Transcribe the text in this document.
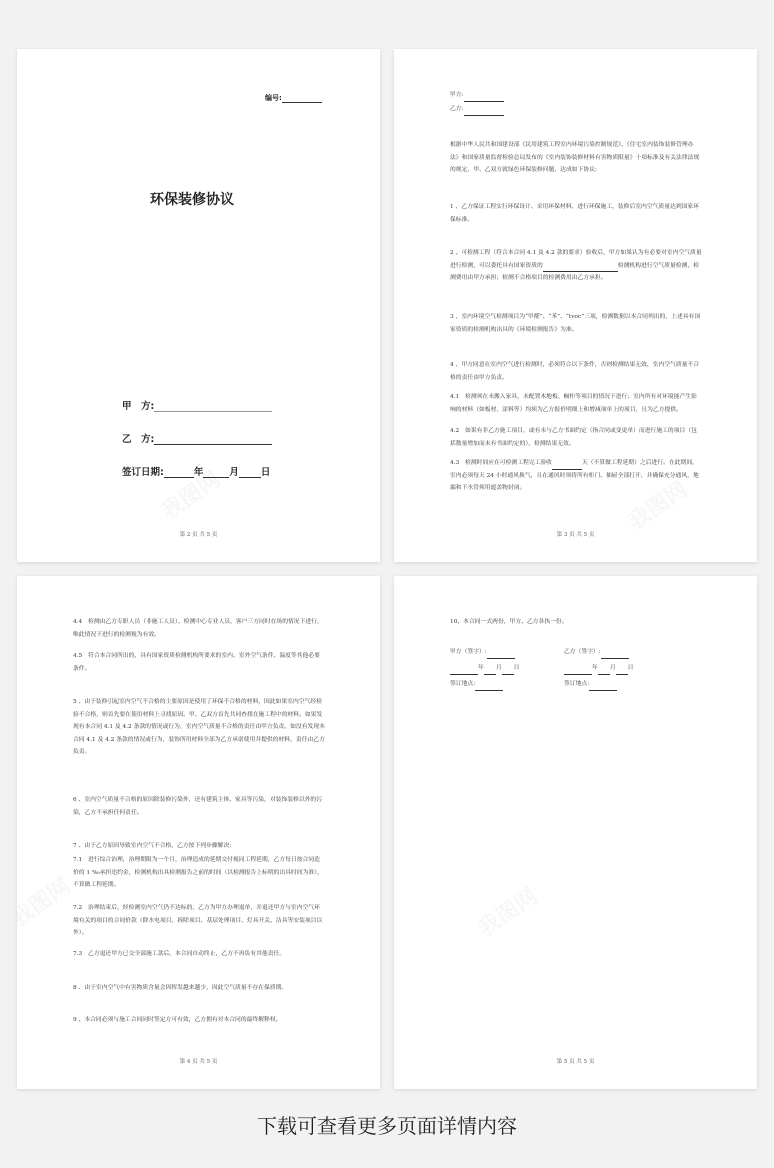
编号:
环保装修协议
甲　方:
乙　方:
签订日期:	年	月 日
第 2 页 共 5 页

甲方:

乙方:

根据中华人民共和国建设部《民用建筑工程室内环境污染控制规范》、《住宅室内装饰装修管理办法》和国家质量监督检验总局发布的《室内装饰装修材料有害物质限量》十项标准及有关法律法规的规定，甲、乙双方就绿色环保装修问题，达成如下协议:

1 、乙方保证工程实行环保设计、采用环保材料、进行环保施工，装修后室内空气质量达到国家环保标准。

2 、可检测工程（符合本合同 4.1 及 4.2 款的要求）验收后，甲方如果认为有必要对室内空气质量进行检测，可以委托具有国家资质的	检测机构进行空气质量检测，检测费用由甲方承担；检测不合格项目的检测费用由乙方承担。

3 、室内环境空气检测项目为“甲醛”、“苯”、“tvoc”三项，检测数据以本合同列出的，上述具有国家资质的检测机构出具的《环境检测报告》为准。

4 、甲方同意在室内空气进行检测时，必须符合以下条件，否则检测结果无效，室内空气质量不合格的责任由甲方负责。

4.1　检测须在未搬入家具，未配置木地板、橱柜等项目的情况下进行；室内所有对环境能产生影响的材料（如板材，涂料等）均须为乙方报价明细上和增减项单上的项目，且为乙方提供。

4.2　如果有非乙方施工项目，或有未与乙方书面约定（指合同或变更单）而进行施工的项目（包括数量增加而未有书面约定的），检测结果无效。

4.3　检测时间应在可检测工程完工验收	天（不算做工程延期）之后进行。在此期间，室内必须每天 24 小时通风换气，且在通风时须将所有柜门、抽屉全部打开，并确保充分通风，地漏和下水管须用遮盖物封闭。

第 3 页 共 5 页

4.4　检测由乙方专职人员（非施工人员）、检测中心专业人员、客户三方同时在场的情况下进行，唯此情况下进行的检测视为有效。

4.5　符合本合同所出的，具有国家资质检测机构所要求的室内、室外空气条件、温度等其他必要条件。

5 、由于装修引起室内空气不合格的主要原因是使用了环保不合格的材料，因此如果室内空气经检验不合格，则首先要在使用材料上寻找原因。甲、乙双方首先共同查找在施工程中的材料。如果发现有本合同 4.1 及 4.2 条款的情况或行为，室内空气质量不合格的责任由甲方负责。如没有发现本合同 4.1 及 4.2 条款的情况或行为，装饰所用材料全部为乙方承诺使用并提供的材料，责任由乙方负责。

6 、室内空气质量不合格的原因除装修污染外，还有建筑主体、家具等污染，对装饰装修以外的污染，乙方不承担任何责任。

7 、由于乙方原因导致室内空气不合格，乙方按下列步骤解决:

7.1　进行综合治理，治理期限为一个月，治理造成的延期交付视同工程延期，乙方每日按合同造价的 1 ‰承担违约金，检测机构出具检测报告之前的时间（以检测报告上标明的出具时间为准），不算做工程延期。

7.2　治理结束后，经检测室内空气仍不达标的，乙方为甲方办理退单，并退还甲方与室内空气环境有关的项目的合同价款（除水电项目、拆除项目、基层处理项目、灯具开关、洁具等安装项目以外）。

7.3　乙方退还甲方已交全部施工款后，本合同自动终止，乙方不再负有其他责任。

8 、由于室内空气中有害物质含量会因挥发越来越少，因此空气质量不存在保质期。

9 、本合同必须与施工合同同时签定方可有效，乙方拥有对本合同的最终解释权。

第 4 页 共 5 页

10、本合同一式两份，甲方、乙方各执一份。

甲方（签字）:	乙方（签字）:

年 月 日	年 月 日

签订地点:	签订地点:

第 5 页 共 5 页
下载可查看更多页面详情内容
